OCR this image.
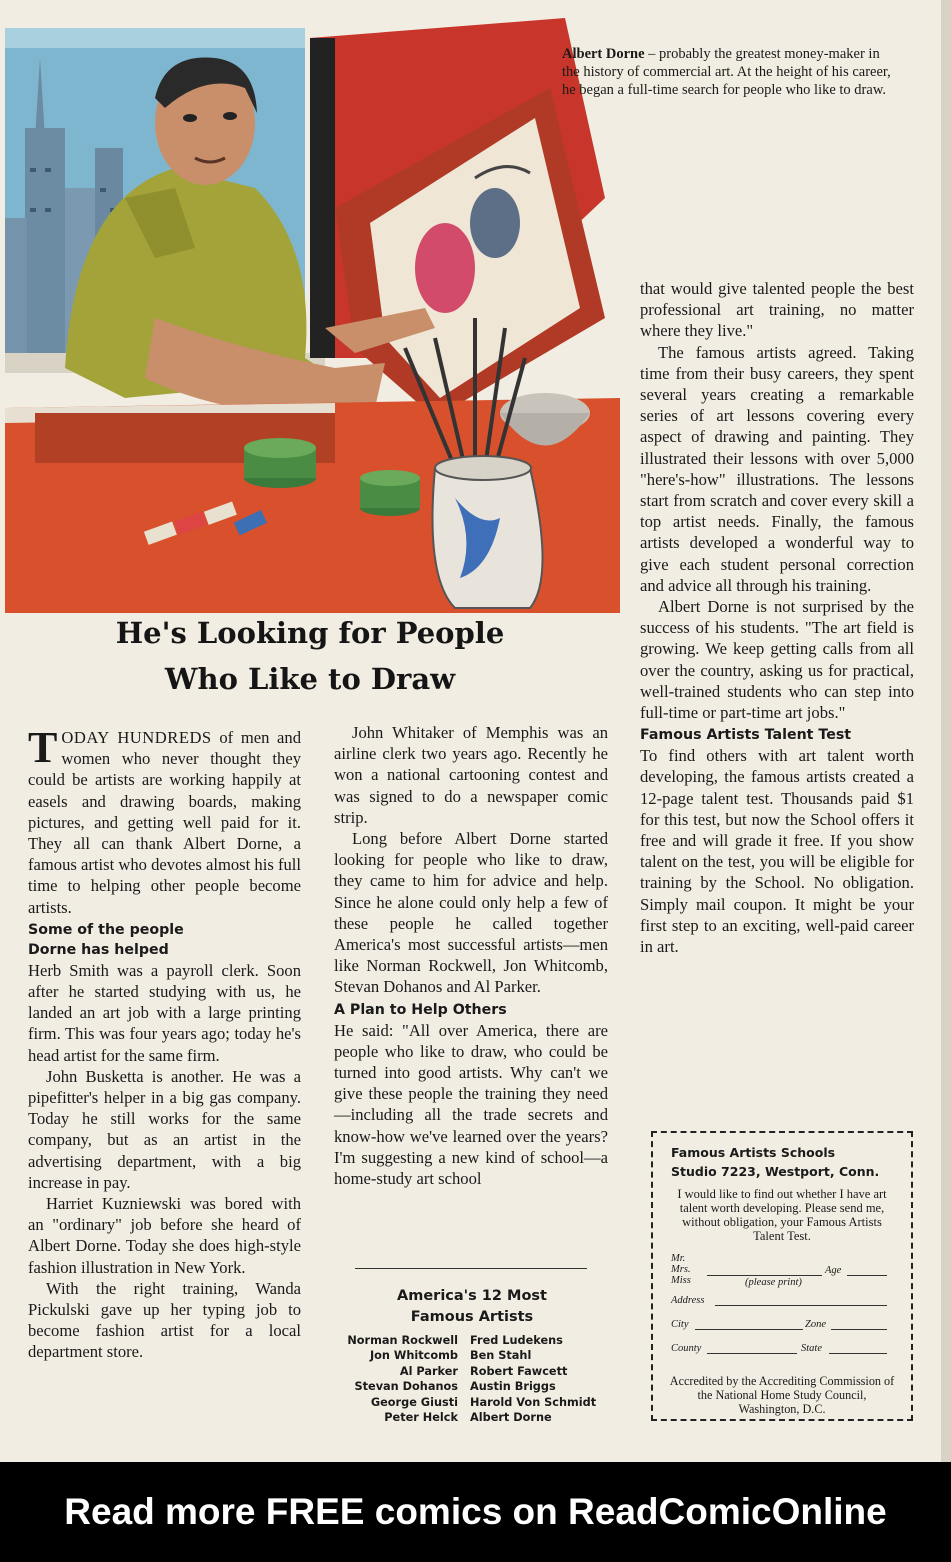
Albert Dorne – probably the greatest money-maker in the history of commercial art. At the height of his career, he began a full-time search for people who like to draw.
He's Looking for People
Who Like to Draw

TODAY HUNDREDS of men and women who never thought they could be artists are working happily at easels and drawing boards, making pictures, and getting well paid for it. They all can thank Albert Dorne, a famous artist who devotes almost his full time to helping other people become artists.

Some of the people
Dorne has helped

Herb Smith was a payroll clerk. Soon after he started studying with us, he landed an art job with a large printing firm. This was four years ago; today he's head artist for the same firm.

John Busketta is another. He was a pipefitter's helper in a big gas company. Today he still works for the same company, but as an artist in the advertising department, with a big increase in pay.

Harriet Kuzniewski was bored with an "ordinary" job before she heard of Albert Dorne. Today she does high-style fashion illustration in New York.

With the right training, Wanda Pickulski gave up her typing job to become fashion artist for a local department store.

John Whitaker of Memphis was an airline clerk two years ago. Recently he won a national cartooning contest and was signed to do a newspaper comic strip.

Long before Albert Dorne started looking for people who like to draw, they came to him for advice and help. Since he alone could only help a few of these people he called together America's most successful artists—men like Norman Rockwell, Jon Whitcomb, Stevan Dohanos and Al Parker.

A Plan to Help Others

He said: "All over America, there are people who like to draw, who could be turned into good artists. Why can't we give these people the training they need—including all the trade secrets and know-how we've learned over the years? I'm suggesting a new kind of school—a home-study art school

America's 12 Most
Famous Artists
Norman Rockwell	Fred Ludekens
Jon Whitcomb	Ben Stahl
Al Parker	Robert Fawcett
Stevan Dohanos	Austin Briggs
George Giusti	Harold Von Schmidt
Peter Helck	Albert Dorne

that would give talented people the best professional art training, no matter where they live."

The famous artists agreed. Taking time from their busy careers, they spent several years creating a remarkable series of art lessons covering every aspect of drawing and painting. They illustrated their lessons with over 5,000 "here's-how" illustrations. The lessons start from scratch and cover every skill a top artist needs. Finally, the famous artists developed a wonderful way to give each student personal correction and advice all through his training.

Albert Dorne is not surprised by the success of his students. "The art field is growing. We keep getting calls from all over the country, asking us for practical, well-trained students who can step into full-time or part-time art jobs."

Famous Artists Talent Test

To find others with art talent worth developing, the famous artists created a 12-page talent test. Thousands paid $1 for this test, but now the School offers it free and will grade it free. If you show talent on the test, you will be eligible for training by the School. No obligation. Simply mail coupon. It might be your first step to an exciting, well-paid career in art.

Famous Artists Schools
Studio 7223, Westport, Conn.
I would like to find out whether I have art talent worth developing. Please send me, without obligation, your Famous Artists Talent Test.
Mr.
Mrs.
Miss
Age
(please print)
Address
City	Zone
County	State
Accredited by the Accrediting Commission of the National Home Study Council, Washington, D.C.
Read more FREE comics on ReadComicOnline
